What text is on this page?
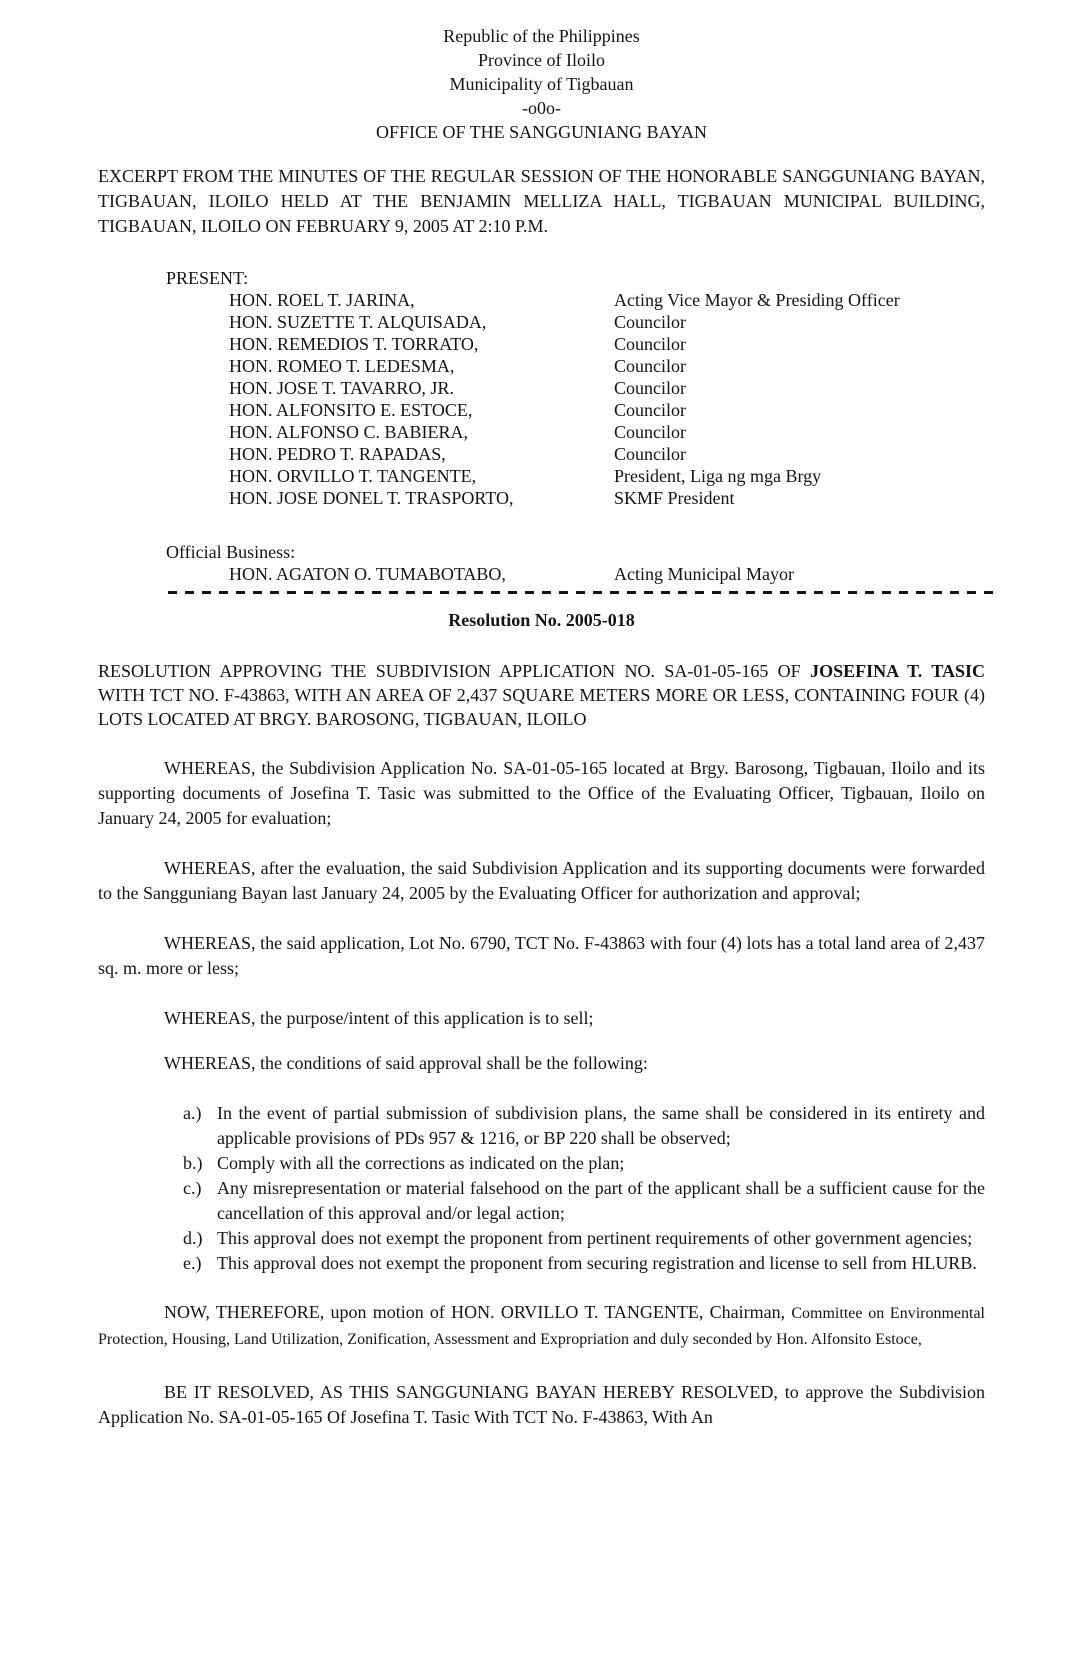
Republic of the Philippines
Province of Iloilo
Municipality of Tigbauan
-o0o-
OFFICE OF THE SANGGUNIANG BAYAN

EXCERPT FROM THE MINUTES OF THE REGULAR SESSION OF THE HONORABLE SANGGUNIANG BAYAN, TIGBAUAN, ILOILO HELD AT THE BENJAMIN MELLIZA HALL, TIGBAUAN MUNICIPAL BUILDING, TIGBAUAN, ILOILO ON FEBRUARY 9, 2005 AT 2:10 P.M.

PRESENT:
HON. ROEL T. JARINA,	Acting Vice Mayor & Presiding Officer
HON. SUZETTE T. ALQUISADA,	Councilor
HON. REMEDIOS T. TORRATO,	Councilor
HON. ROMEO T. LEDESMA,	Councilor
HON. JOSE T. TAVARRO, JR.	Councilor
HON. ALFONSITO E. ESTOCE,	Councilor
HON. ALFONSO C. BABIERA,	Councilor
HON. PEDRO T. RAPADAS,	Councilor
HON. ORVILLO T. TANGENTE,	President, Liga ng mga Brgy
HON. JOSE DONEL T. TRASPORTO,	SKMF President
Official Business:
HON. AGATON O. TUMABOTABO,	Acting Municipal Mayor
Resolution No. 2005-018

RESOLUTION APPROVING THE SUBDIVISION APPLICATION NO. SA-01-05-165 OF JOSEFINA T. TASIC WITH TCT NO. F-43863, WITH AN AREA OF 2,437 SQUARE METERS MORE OR LESS, CONTAINING FOUR (4) LOTS LOCATED AT BRGY. BAROSONG, TIGBAUAN, ILOILO

WHEREAS, the Subdivision Application No. SA-01-05-165 located at Brgy. Barosong, Tigbauan, Iloilo and its supporting documents of Josefina T. Tasic was submitted to the Office of the Evaluating Officer, Tigbauan, Iloilo on January 24, 2005 for evaluation;

WHEREAS, after the evaluation, the said Subdivision Application and its supporting documents were forwarded to the Sangguniang Bayan last January 24, 2005 by the Evaluating Officer for authorization and approval;

WHEREAS, the said application, Lot No. 6790, TCT No. F-43863 with four (4) lots has a total land area of 2,437 sq. m. more or less;

WHEREAS, the purpose/intent of this application is to sell;

WHEREAS, the conditions of said approval shall be the following:

a.) In the event of partial submission of subdivision plans, the same shall be considered in its entirety and applicable provisions of PDs 957 & 1216, or BP 220 shall be observed;

b.) Comply with all the corrections as indicated on the plan;

c.) Any misrepresentation or material falsehood on the part of the applicant shall be a sufficient cause for the cancellation of this approval and/or legal action;

d.) This approval does not exempt the proponent from pertinent requirements of other government agencies;

e.) This approval does not exempt the proponent from securing registration and license to sell from HLURB.

NOW, THEREFORE, upon motion of HON. ORVILLO T. TANGENTE, Chairman, Committee on Environmental Protection, Housing, Land Utilization, Zonification, Assessment and Expropriation and duly seconded by Hon. Alfonsito Estoce,

BE IT RESOLVED, AS THIS SANGGUNIANG BAYAN HEREBY RESOLVED, to approve the Subdivision Application No. SA-01-05-165 Of Josefina T. Tasic With TCT No. F-43863, With An
